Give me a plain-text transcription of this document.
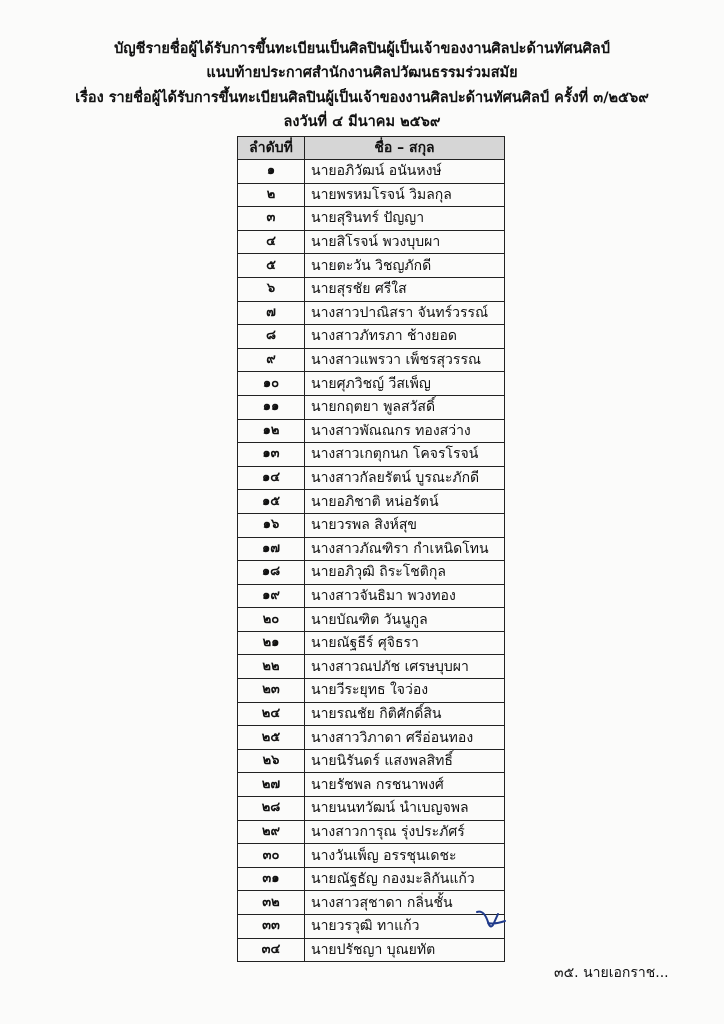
บัญชีรายชื่อผู้ได้รับการขึ้นทะเบียนเป็นศิลปินผู้เป็นเจ้าของงานศิลปะด้านทัศนศิลป์
แนบท้ายประกาศสำนักงานศิลปวัฒนธรรมร่วมสมัย
เรื่อง รายชื่อผู้ได้รับการขึ้นทะเบียนศิลปินผู้เป็นเจ้าของงานศิลปะด้านทัศนศิลป์ ครั้งที่ ๓/๒๕๖๙
ลงวันที่ ๔ มีนาคม ๒๕๖๙
ลำดับที่	ชื่อ – สกุล
๑	นายอภิวัฒน์ อนันหงษ์
๒	นายพรหมโรจน์ วิมลกุล
๓	นายสุรินทร์ ปัญญา
๔	นายสิโรจน์ พวงบุบผา
๕	นายตะวัน วิชญภักดี
๖	นายสุรชัย ศรีใส
๗	นางสาวปาณิสรา จันทร์วรรณ์
๘	นางสาวภัทรภา ช้างยอด
๙	นางสาวแพรวา เพ็ชรสุวรรณ
๑๐	นายศุภวิชญ์ วีสเพ็ญ
๑๑	นายกฤตยา พูลสวัสดิ์
๑๒	นางสาวพัณณกร ทองสว่าง
๑๓	นางสาวเกตุกนก โคจรโรจน์
๑๔	นางสาวกัลยรัตน์ บูรณะภักดี
๑๕	นายอภิชาติ หน่อรัตน์
๑๖	นายวรพล สิงห์สุข
๑๗	นางสาวภัณฑิรา กำเหนิดโทน
๑๘	นายอภิวุฒิ ถิระโชติกุล
๑๙	นางสาวจันธิมา พวงทอง
๒๐	นายบัณฑิต วันนูกูล
๒๑	นายณัฐธีร์ ศุจิธรา
๒๒	นางสาวณปภัช เศรษบุบผา
๒๓	นายวีระยุทธ ใจว่อง
๒๔	นายรณชัย กิติศักดิ์สิน
๒๕	นางสาววิภาดา ศรีอ่อนทอง
๒๖	นายนิรันดร์ แสงพลสิทธิ์
๒๗	นายรัชพล กรชนาพงศ์
๒๘	นายนนทวัฒน์ นำเบญจพล
๒๙	นางสาวการุณ รุ่งประภัศร์
๓๐	นางวันเพ็ญ อรรชุนเดชะ
๓๑	นายณัฐธัญ กองมะลิกันแก้ว
๓๒	นางสาวสุชาดา กลิ่นชั้น
๓๓	นายวรวุฒิ ทาแก้ว
๓๔	นายปรัชญา บุณยทัต
๓๕. นายเอกราช...
